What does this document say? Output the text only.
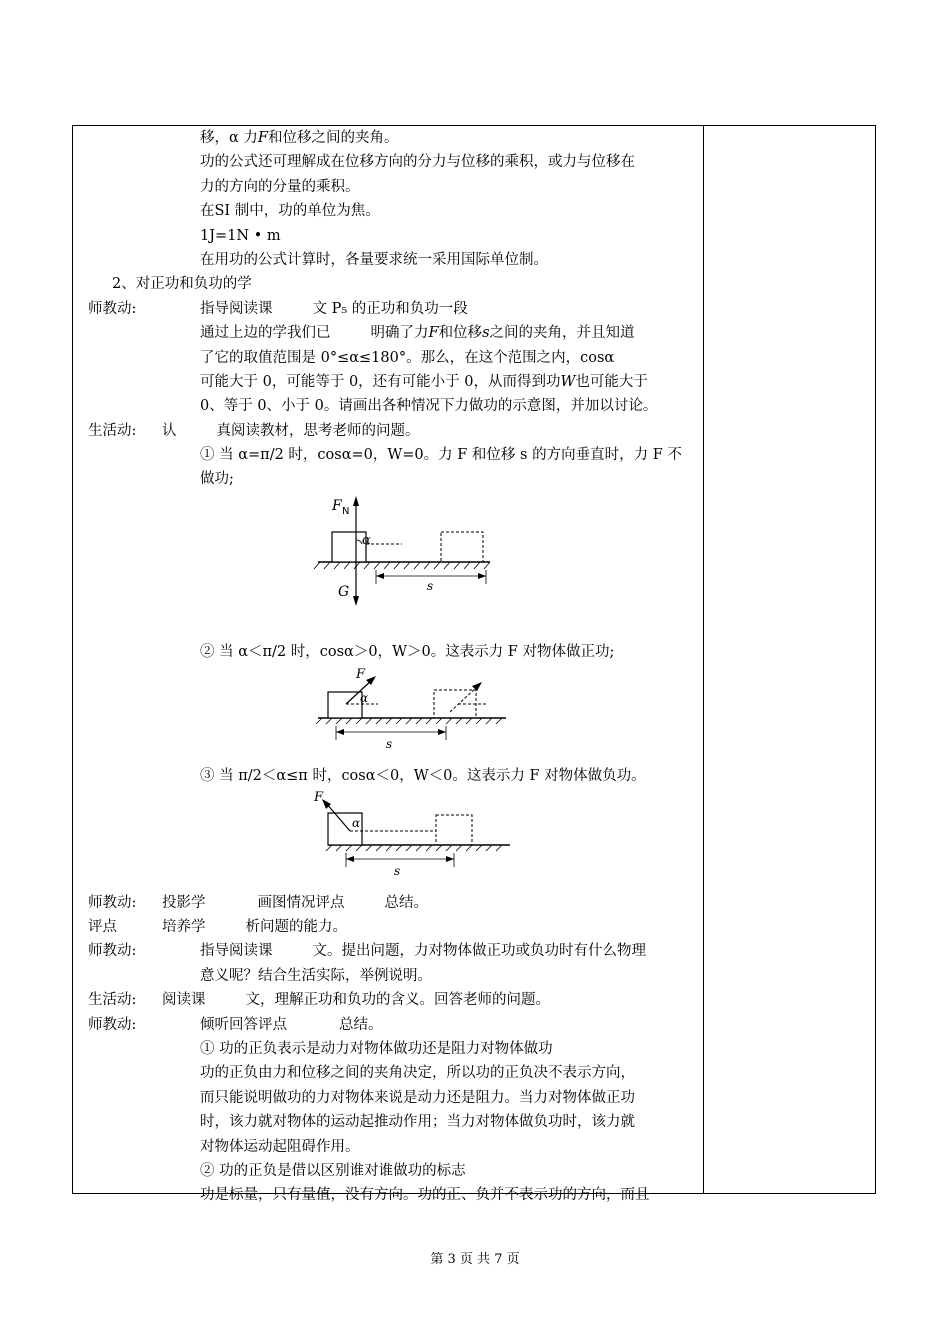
移，α 力F和位移之间的夹角。
功的公式还可理解成在位移方向的分力与位移的乘积，或力与位移在
力的方向的分量的乘积。
在SI 制中，功的单位为焦。
1J=1N • m
在用功的公式计算时，各量要求统一采用国际单位制。
2、对正功和负功的学
师教动:	指导阅读课	文 P₅ 的正功和负功一段
通过上边的学我们已	明确了力F和位移s之间的夹角，并且知道
了它的取值范围是 0°≤α≤180°。那么，在这个范围之内，cosα
可能大于 0，可能等于 0，还有可能小于 0，从而得到功W也可能大于
0、等于 0、小于 0。请画出各种情况下力做功的示意图，并加以讨论。
生活动: 认	真阅读教材，思考老师的问题。
① 当 α=π/2 时，cosα=0，W=0。力 F 和位移 s 的方向垂直时，力 F 不
做功;
α
F N
G	s
② 当 α＜π/2 时，cosα＞0，W＞0。这表示力 F 对物体做正功;
F
α
s
③ 当 π/2＜α≤π 时，cosα＜0，W＜0。这表示力 F 对物体做负功。
F
α
s
师教动: 投影学	画图情况评点	总结。
评点	培养学	析问题的能力。
师教动:	指导阅读课	文。提出问题，力对物体做正功或负功时有什么物理
意义呢？结合生活实际，举例说明。
生活动: 阅读课	文，理解正功和负功的含义。回答老师的问题。
师教动:	倾听回答评点	总结。
① 功的正负表示是动力对物体做功还是阻力对物体做功
功的正负由力和位移之间的夹角决定，所以功的正负决不表示方向，
而只能说明做功的力对物体来说是动力还是阻力。当力对物体做正功
时，该力就对物体的运动起推动作用；当力对物体做负功时，该力就
对物体运动起阻碍作用。
② 功的正负是借以区别谁对谁做功的标志
功是标量，只有量值，没有方向。功的正、负并不表示功的方向，而且
第 3 页 共 7 页
